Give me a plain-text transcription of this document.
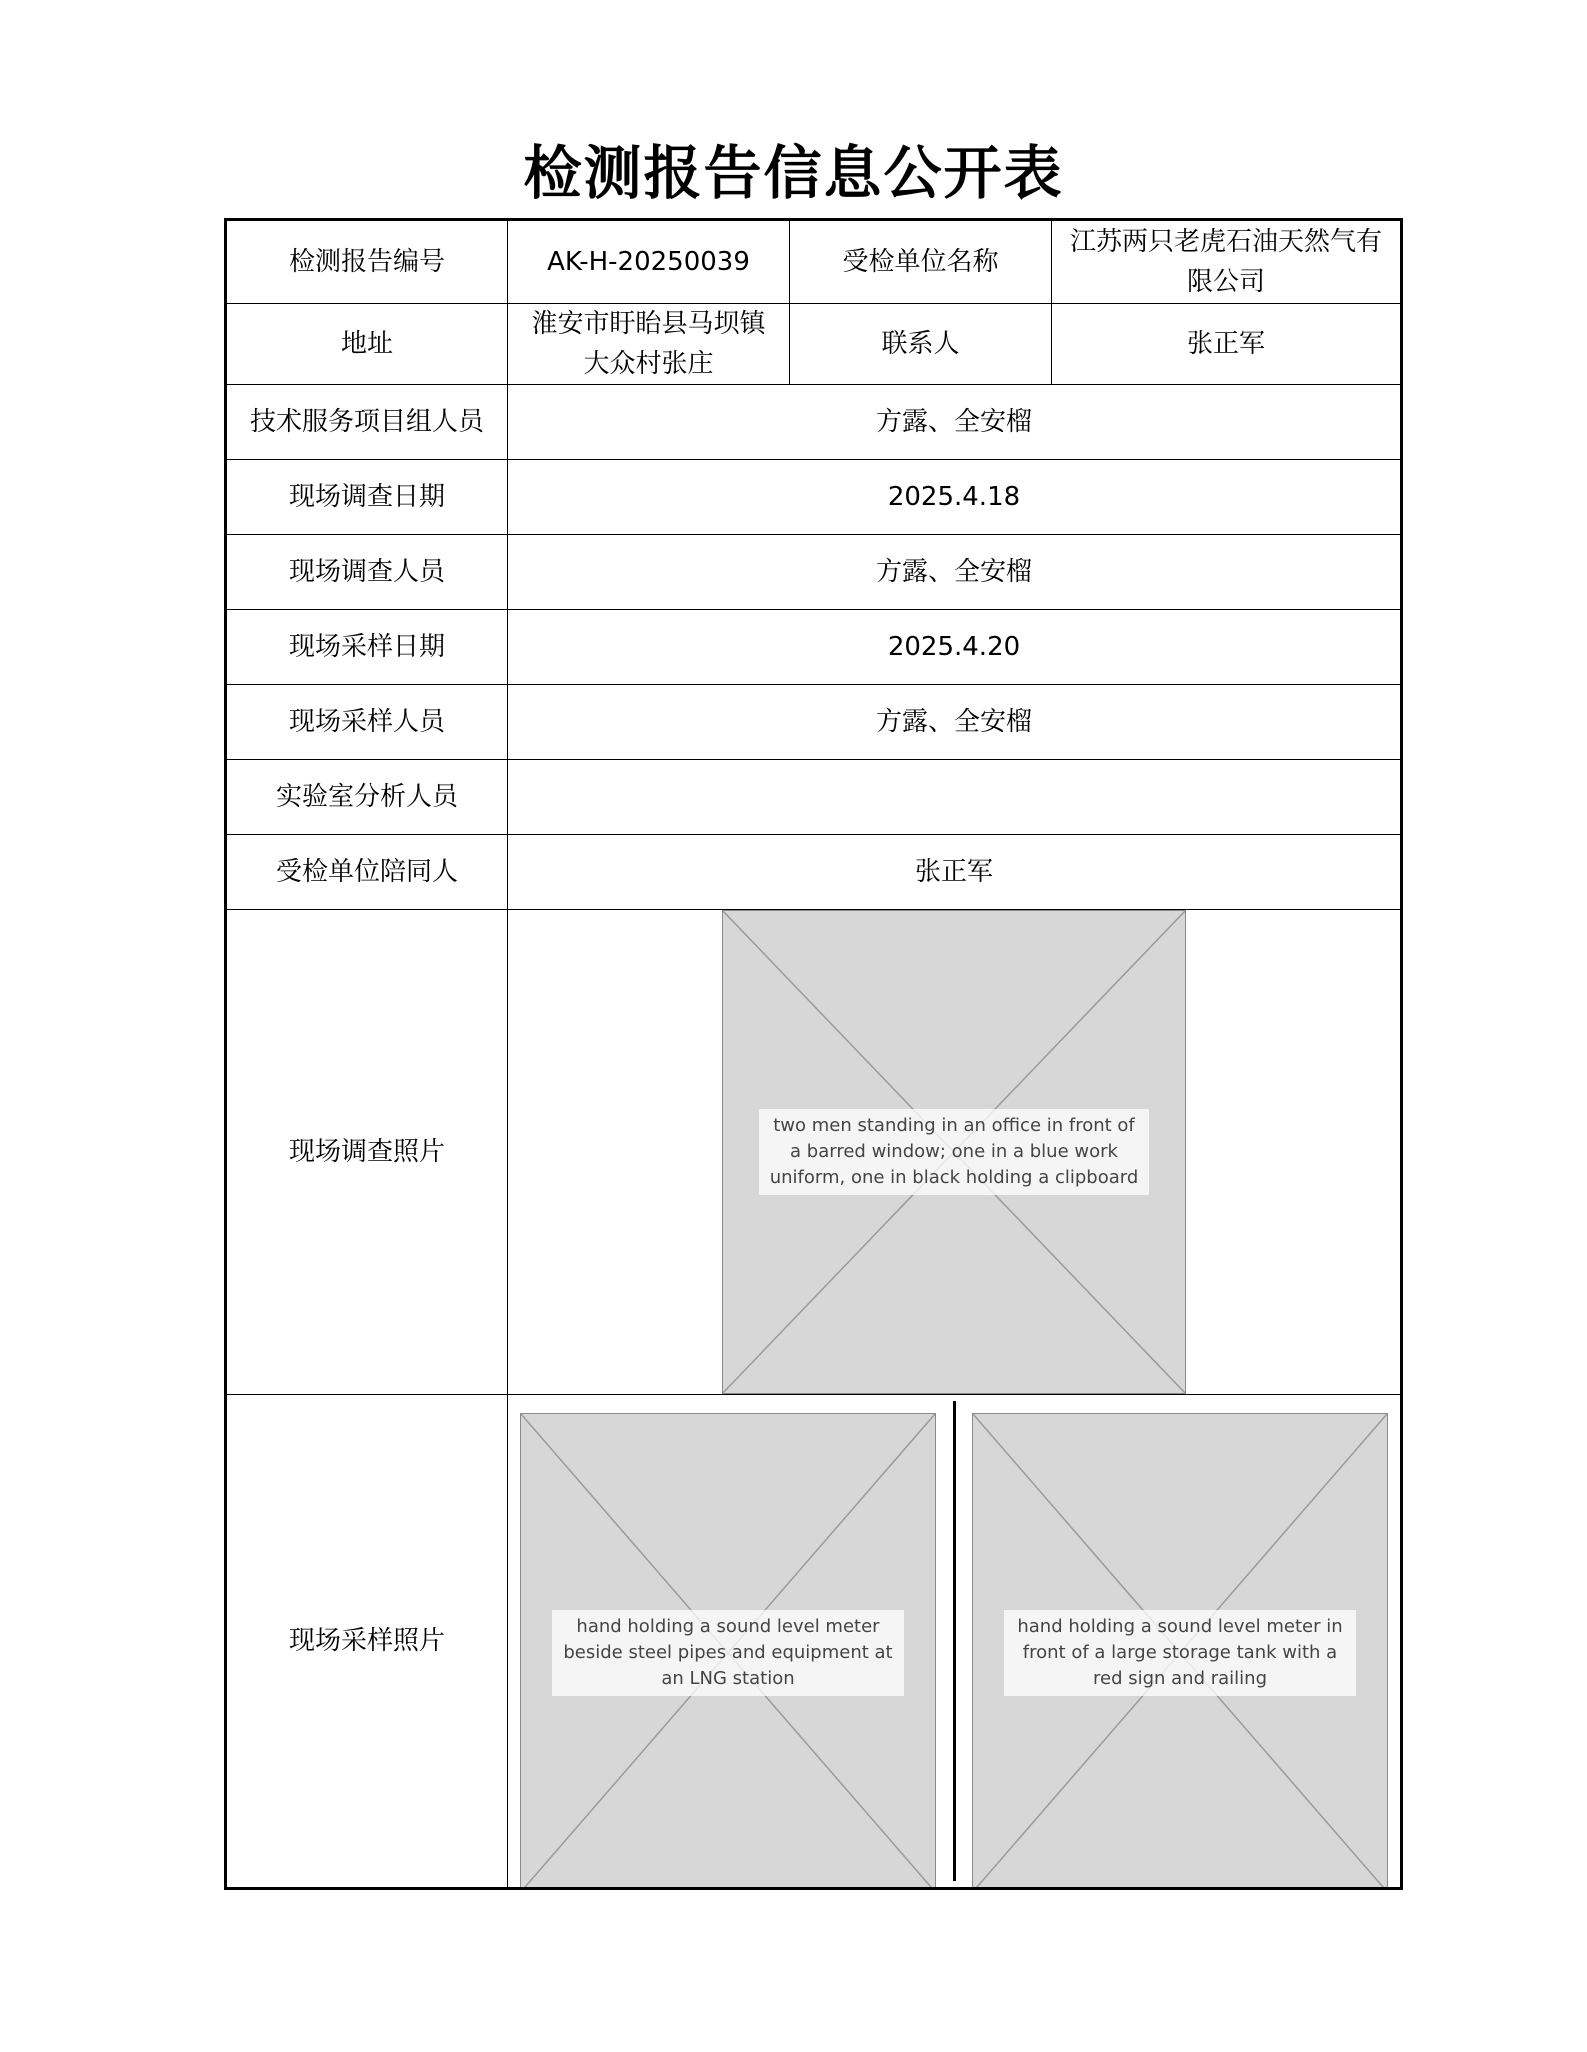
检测报告信息公开表
检测报告编号	AK-H-20250039	受检单位名称	江苏两只老虎石油天然气有限公司
地址	淮安市盱眙县马坝镇大众村张庄	联系人	张正军
技术服务项目组人员	方露、全安榴		
现场调查日期	2025.4.18		
现场调查人员	方露、全安榴		
现场采样日期	2025.4.20		
现场采样人员	方露、全安榴		
实验室分析人员			
受检单位陪同人	张正军		
现场调查照片	two men standing in an office in front of a barred window; one in a blue work uniform, one in black holding a clipboard		

现场采样照片	hand holding a sound level meter beside steel pipes and equipment at an LNG station
hand holding a sound level meter in front of a large storage tank with a red sign and railing		
